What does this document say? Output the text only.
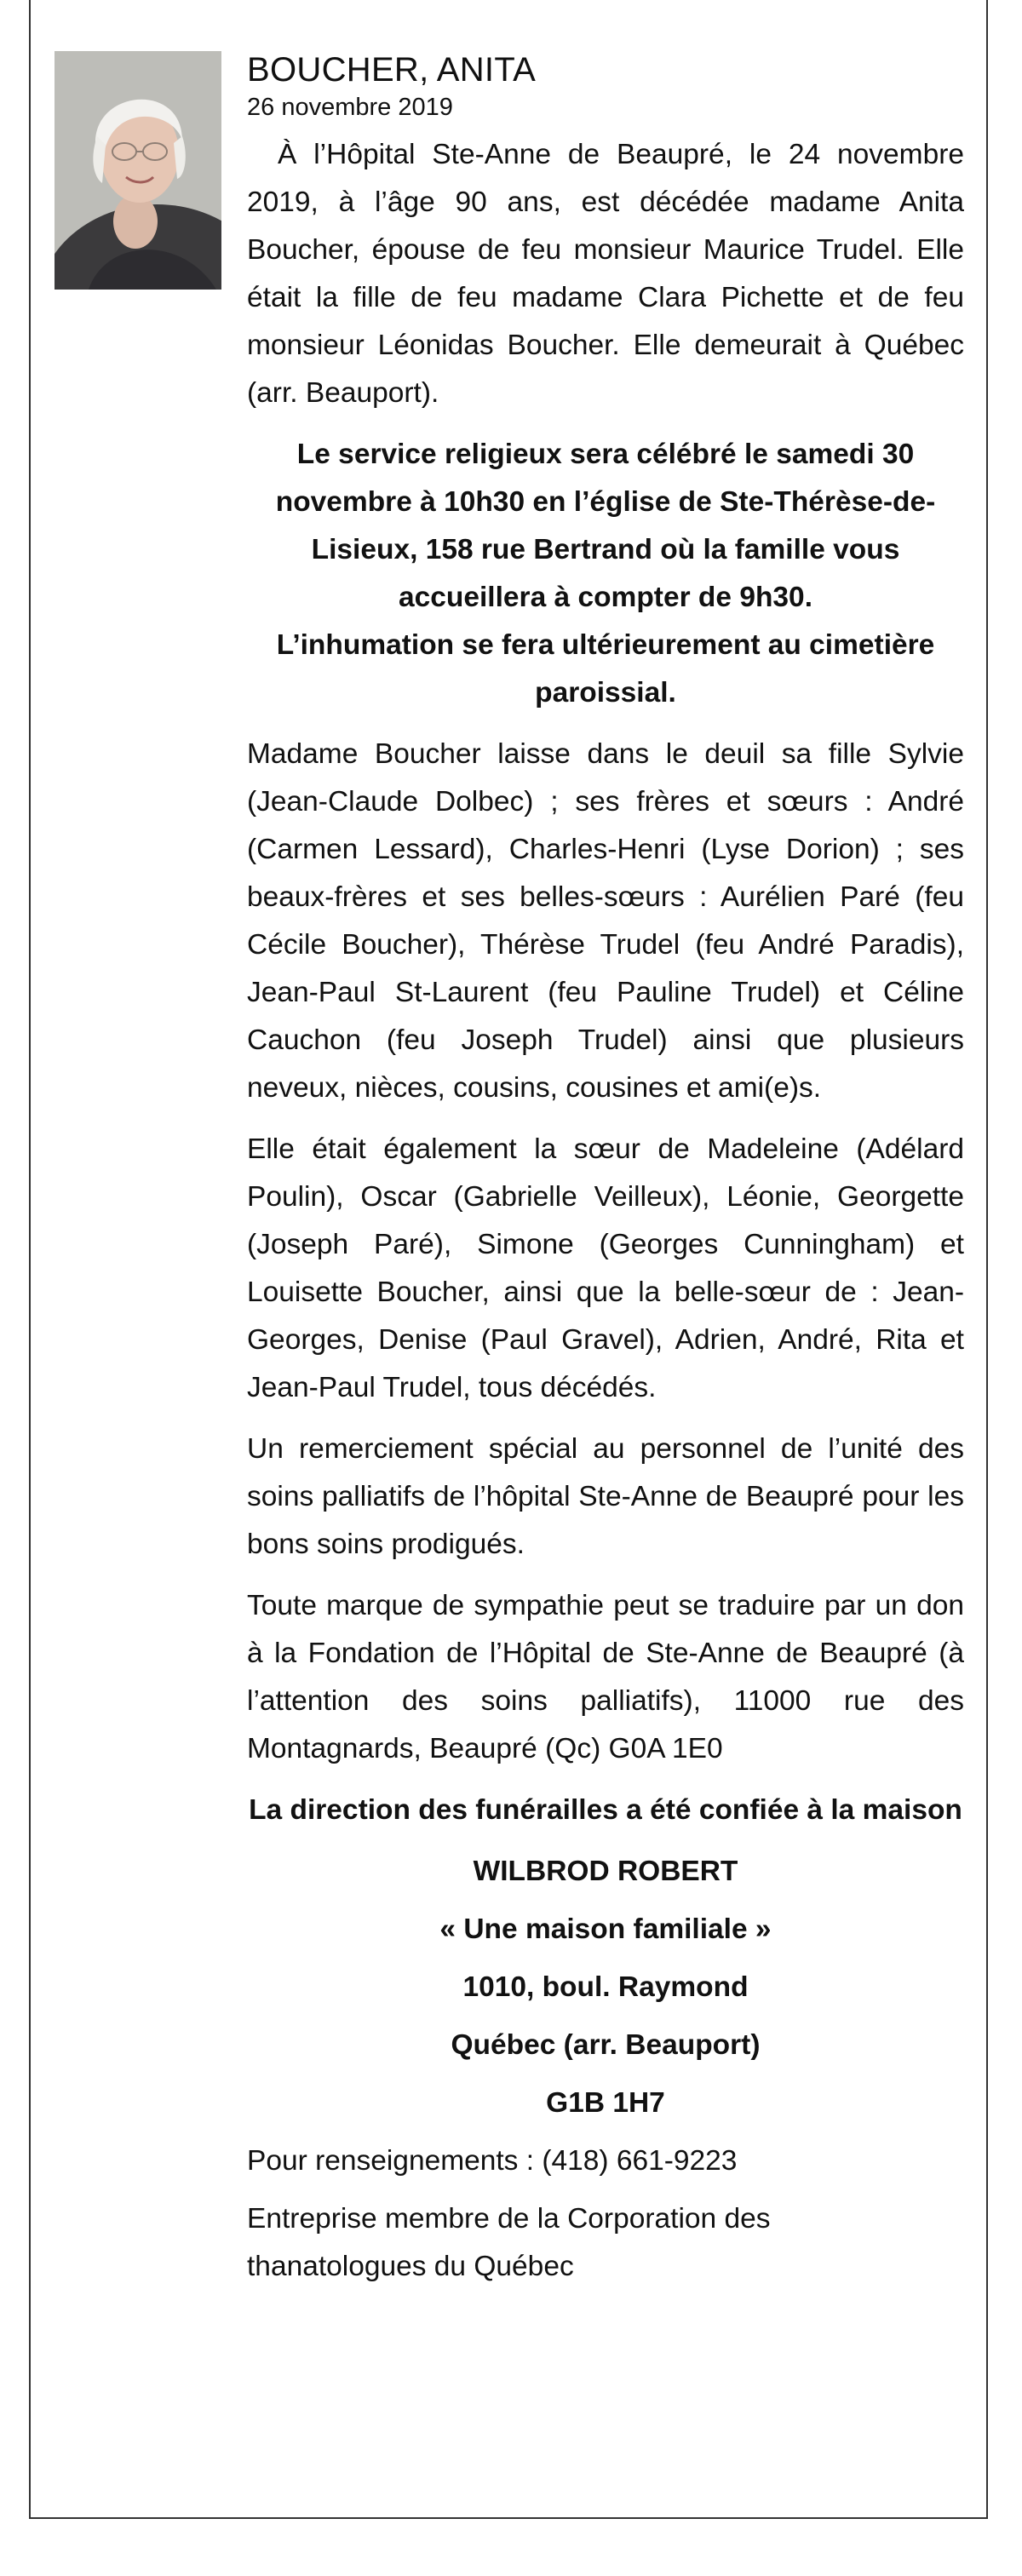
BOUCHER, ANITA
26 novembre 2019

À l’Hôpital Ste-Anne de Beaupré, le 24 novembre 2019, à l’âge 90 ans, est décédée madame Anita Boucher, épouse de feu monsieur Maurice Trudel. Elle était la fille de feu madame Clara Pichette et de feu monsieur Léonidas Boucher. Elle demeurait à Québec (arr. Beauport).

Le service religieux sera célébré le samedi 30 novembre à 10h30 en l’église de Ste-Thérèse-de-Lisieux, 158 rue Bertrand où la famille vous accueillera à compter de 9h30.

L’inhumation se fera ultérieurement au cimetière paroissial.

Madame Boucher laisse dans le deuil sa fille Sylvie (Jean-Claude Dolbec) ; ses frères et sœurs : André (Carmen Lessard), Charles-Henri (Lyse Dorion) ; ses beaux-frères et ses belles-sœurs : Aurélien Paré (feu Cécile Boucher), Thérèse Trudel (feu André Paradis), Jean-Paul St-Laurent (feu Pauline Trudel) et Céline Cauchon (feu Joseph Trudel) ainsi que plusieurs neveux, nièces, cousins, cousines et ami(e)s.

Elle était également la sœur de Madeleine (Adélard Poulin), Oscar (Gabrielle Veilleux), Léonie, Georgette (Joseph Paré), Simone (Georges Cunningham) et Louisette Boucher, ainsi que la belle-sœur de : Jean-Georges, Denise (Paul Gravel), Adrien, André, Rita et Jean-Paul Trudel, tous décédés.

Un remerciement spécial au personnel de l’unité des soins palliatifs de l’hôpital Ste-Anne de Beaupré pour les bons soins prodigués.

Toute marque de sympathie peut se traduire par un don à la Fondation de l’Hôpital de Ste-Anne de Beaupré (à l’attention des soins palliatifs), 11000 rue des Montagnards, Beaupré (Qc) G0A 1E0

La direction des funérailles a été confiée à la maison

WILBROD ROBERT
« Une maison familiale »
1010, boul. Raymond
Québec (arr. Beauport)
G1B 1H7
Pour renseignements : (418) 661-9223
Entreprise membre de la Corporation des thanatologues du Québec
